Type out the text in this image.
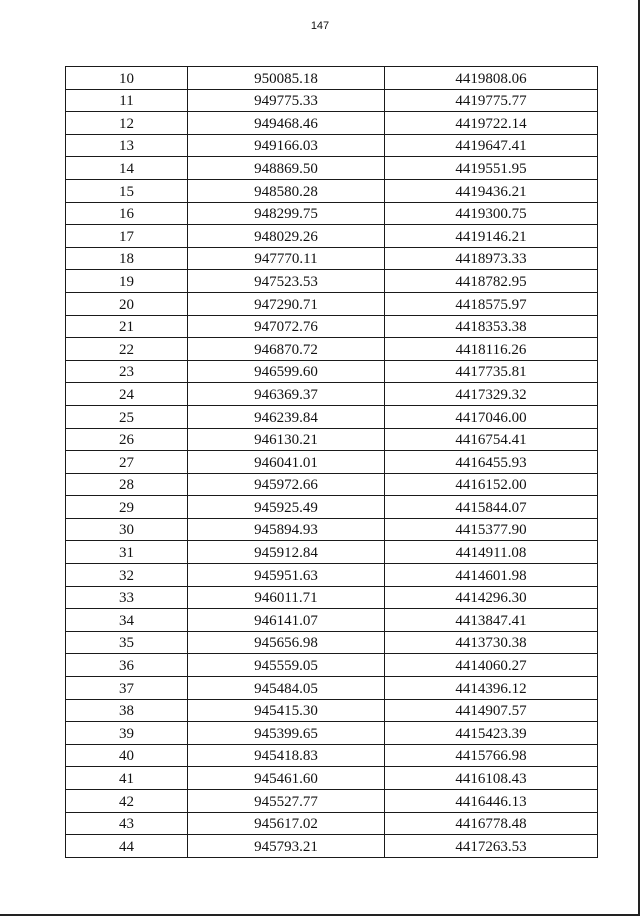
147
10	950085.18	4419808.06
11	949775.33	4419775.77
12	949468.46	4419722.14
13	949166.03	4419647.41
14	948869.50	4419551.95
15	948580.28	4419436.21
16	948299.75	4419300.75
17	948029.26	4419146.21
18	947770.11	4418973.33
19	947523.53	4418782.95
20	947290.71	4418575.97
21	947072.76	4418353.38
22	946870.72	4418116.26
23	946599.60	4417735.81
24	946369.37	4417329.32
25	946239.84	4417046.00
26	946130.21	4416754.41
27	946041.01	4416455.93
28	945972.66	4416152.00
29	945925.49	4415844.07
30	945894.93	4415377.90
31	945912.84	4414911.08
32	945951.63	4414601.98
33	946011.71	4414296.30
34	946141.07	4413847.41
35	945656.98	4413730.38
36	945559.05	4414060.27
37	945484.05	4414396.12
38	945415.30	4414907.57
39	945399.65	4415423.39
40	945418.83	4415766.98
41	945461.60	4416108.43
42	945527.77	4416446.13
43	945617.02	4416778.48
44	945793.21	4417263.53
